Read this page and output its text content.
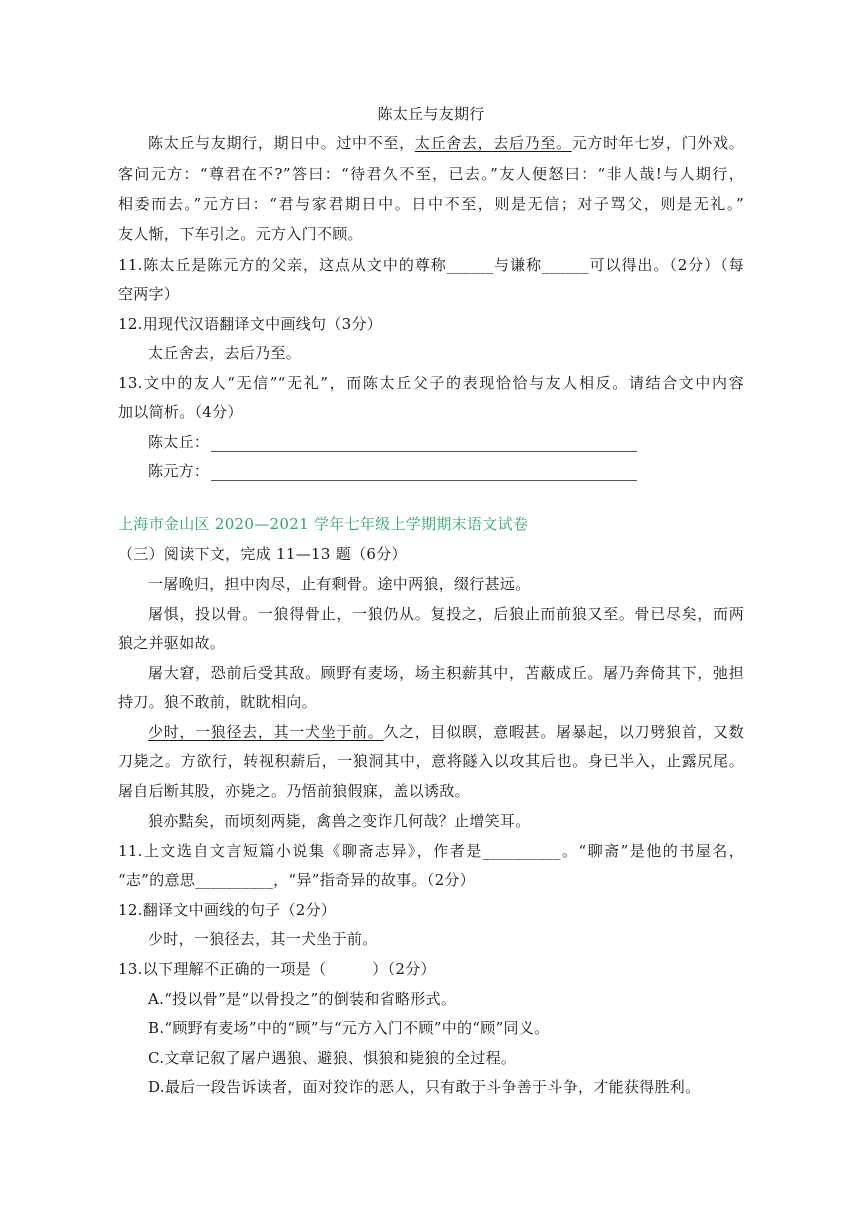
陈太丘与友期行
陈太丘与友期行，期日中。过中不至，太丘舍去，去后乃至。元方时年七岁，门外戏。
客问元方：“尊君在不?”答曰：“待君久不至，已去。”友人便怒曰：“非人哉!与人期行，
相委而去。”元方曰：“君与家君期日中。日中不至，则是无信；对子骂父，则是无礼。”
友人惭，下车引之。元方入门不顾。
11.陈太丘是陈元方的父亲，这点从文中的尊称______与谦称______可以得出。（2分）（每
空两字）
12.用现代汉语翻译文中画线句（3分）
太丘舍去，去后乃至。
13.文中的友人“无信”“无礼”，而陈太丘父子的表现恰恰与友人相反。请结合文中内容
加以简析。（4分）
陈太丘：
陈元方：
上海市金山区 2020—2021 学年七年级上学期期末语文试卷
（三）阅读下文，完成 11—13 题（6分）
一屠晚归，担中肉尽，止有剩骨。途中两狼，缀行甚远。
屠惧，投以骨。一狼得骨止，一狼仍从。复投之，后狼止而前狼又至。骨已尽矣，而两
狼之并驱如故。
屠大窘，恐前后受其敌。顾野有麦场，场主积薪其中，苫蔽成丘。屠乃奔倚其下，弛担
持刀。狼不敢前，眈眈相向。
少时，一狼径去，其一犬坐于前。久之，目似瞑，意暇甚。屠暴起，以刀劈狼首，又数
刀毙之。方欲行，转视积薪后，一狼洞其中，意将隧入以攻其后也。身已半入，止露尻尾。
屠自后断其股，亦毙之。乃悟前狼假寐，盖以诱敌。
狼亦黠矣，而顷刻两毙，禽兽之变诈几何哉？止增笑耳。
11.上文选自文言短篇小说集《聊斋志异》，作者是__________。“聊斋”是他的书屋名，
“志”的意思__________，“异”指奇异的故事。（2分）
12.翻译文中画线的句子（2分）
少时，一狼径去，其一犬坐于前。
13.以下理解不正确的一项是（　　　）（2分）
A.“投以骨”是“以骨投之”的倒装和省略形式。
B.“顾野有麦场”中的“顾”与“元方入门不顾”中的“顾”同义。
C.文章记叙了屠户遇狼、避狼、惧狼和毙狼的全过程。
D.最后一段告诉读者，面对狡诈的恶人，只有敢于斗争善于斗争，才能获得胜利。
